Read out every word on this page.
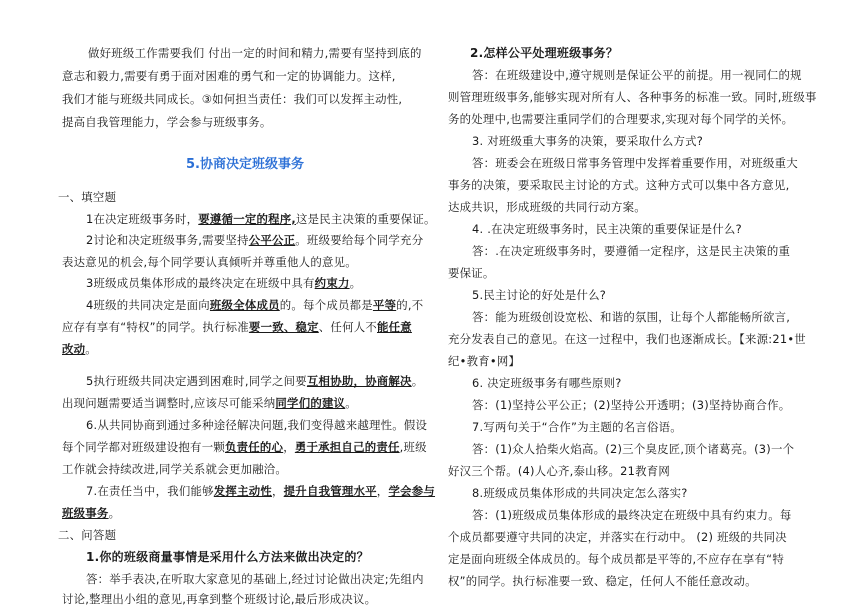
做好班级工作需要我们 付出一定的时间和精力,需要有坚持到底的
意志和毅力,需要有勇于面对困难的勇气和一定的协调能力。这样,
我们才能与班级共同成长。③如何担当责任：我们可以发挥主动性,
提高自我管理能力，学会参与班级事务。
5.协商决定班级事务
一、填空题
1在决定班级事务时，要遵循一定的程序,这是民主决策的重要保证。
2讨论和决定班级事务,需要坚持公平公正。班级要给每个同学充分
表达意见的机会,每个同学要认真倾听并尊重他人的意见。
3班级成员集体形成的最终决定在班级中具有约束力。
4班级的共同决定是面向班级全体成员的。每个成员都是平等的,不
应存有享有“特权”的同学。执行标准要一致、稳定、任何人不能任意
改动。
5执行班级共同决定遇到困难时,同学之间要互相协助，协商解决。
出现问题需要适当调整时,应该尽可能采纳同学们的建议。
6.从共同协商到通过多种途径解决问题,我们变得越来越理性。假设
每个同学都对班级建设抱有一颗负责任的心，勇于承担自己的责任,班级
工作就会持续改进,同学关系就会更加融洽。
7.在责任当中，我们能够发挥主动性，提升自我管理水平，学会参与
班级事务。
二、问答题
1.你的班级商量事情是采用什么方法来做出决定的？
答：举手表决,在听取大家意见的基础上,经过讨论做出决定;先组内
讨论,整理出小组的意见,再拿到整个班级讨论,最后形成决议。
2.怎样公平处理班级事务？
答：在班级建设中,遵守规则是保证公平的前提。用一视同仁的规
则管理班级事务,能够实现对所有人、各种事务的标准一致。同时,班级事
务的处理中,也需要注重同学们的合理要求,实现对每个同学的关怀。
3. 对班级重大事务的决策，要采取什么方式?
答：班委会在班级日常事务管理中发挥着重要作用，对班级重大
事务的决策，要采取民主讨论的方式。这种方式可以集中各方意见,
达成共识，形成班级的共同行动方案。
4. .在决定班级事务时，民主决策的重要保证是什么?
答：.在决定班级事务时，要遵循一定程序，这是民主决策的重
要保证。
5.民主讨论的好处是什么?
答：能为班级创设宽松、和谐的氛围，让每个人都能畅所欲言,
充分发表自己的意见。在这一过程中，我们也逐渐成长。【来源:21•世
纪•教育•网】
6. 决定班级事务有哪些原则?
答：(1)坚持公平公正；(2)坚持公开透明；(3)坚持协商合作。
7.写两句关于“合作”为主题的名言俗语。
答：(1)众人拾柴火焰高。(2)三个臭皮匠,顶个诸葛亮。(3)一个
好汉三个帮。(4)人心齐,泰山移。21教育网
8.班级成员集体形成的共同决定怎么落实?
答：(1)班级成员集体形成的最终决定在班级中具有约束力。每
个成员都要遵守共同的决定，并落实在行动中。 (2) 班级的共同决
定是面向班级全体成员的。每个成员都是平等的,不应存在享有“特
权”的同学。执行标准要一致、稳定，任何人不能任意改动。
